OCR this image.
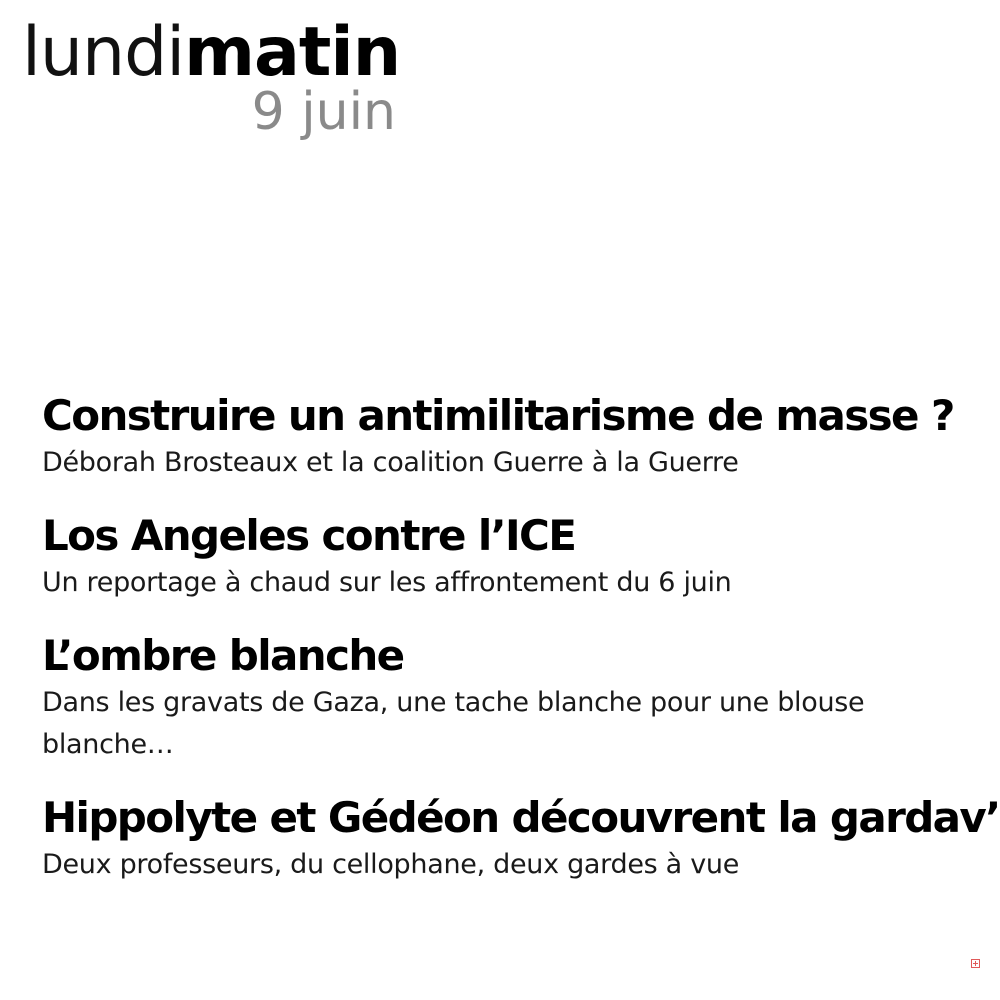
lundimatin
9 juin
Construire un antimilitarisme de masse ?
Déborah Brosteaux et la coalition Guerre à la Guerre
Los Angeles contre l’ICE
Un reportage à chaud sur les affrontement du 6 juin
L’ombre blanche
Dans les gravats de Gaza, une tache blanche pour une blouse blanche…
Hippolyte et Gédéon découvrent la gardav’
Deux professeurs, du cellophane, deux gardes à vue
